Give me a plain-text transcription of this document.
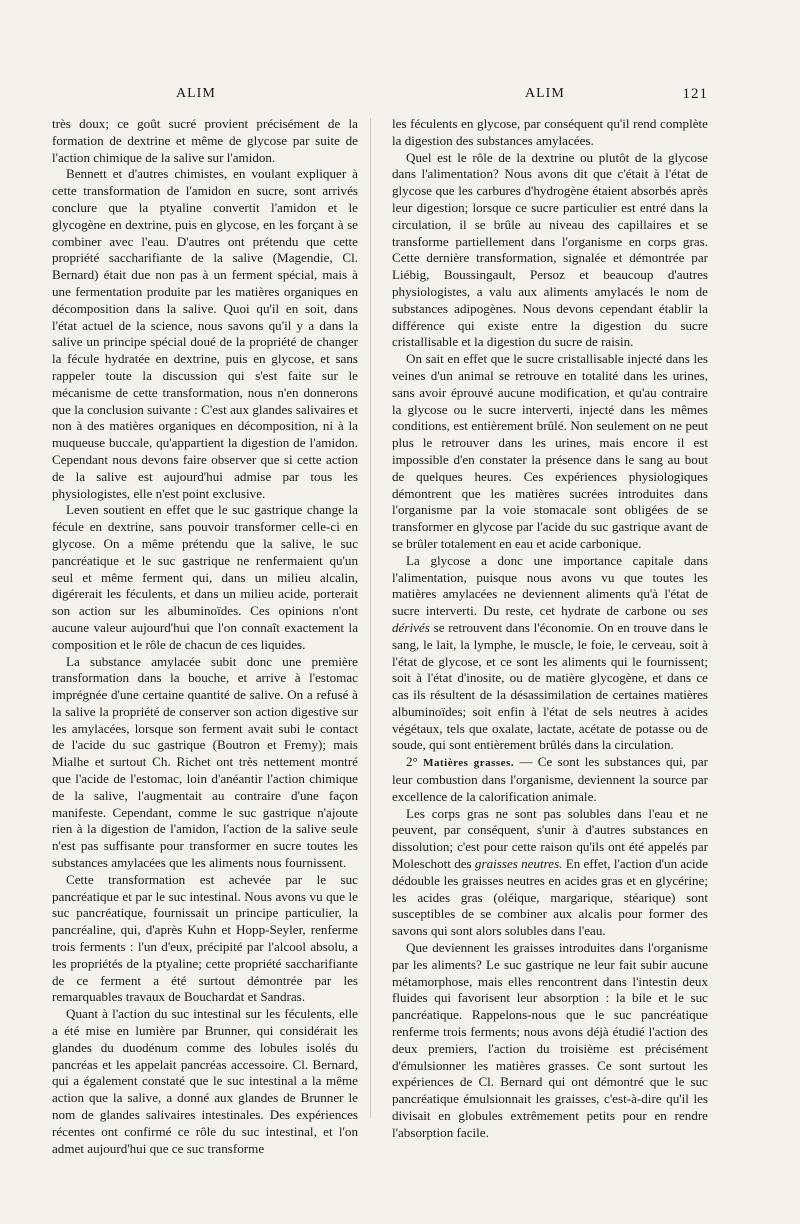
ALIM	ALIM	121

très doux; ce goût sucré provient précisément de la formation de dextrine et même de glycose par suite de l'action chimique de la salive sur l'amidon.

Bennett et d'autres chimistes, en voulant expliquer à cette transformation de l'amidon en sucre, sont arrivés conclure que la ptyaline convertit l'amidon et le glycogène en dextrine, puis en glycose, en les forçant à se combiner avec l'eau. D'autres ont prétendu que cette propriété saccharifiante de la salive (Magendie, Cl. Bernard) était due non pas à un ferment spécial, mais à une fermentation produite par les matières organiques en décomposition dans la salive. Quoi qu'il en soit, dans l'état actuel de la science, nous savons qu'il y a dans la salive un principe spécial doué de la propriété de changer la fécule hydratée en dextrine, puis en glycose, et sans rappeler toute la discussion qui s'est faite sur le mécanisme de cette transformation, nous n'en donnerons que la conclusion suivante : C'est aux glandes salivaires et non à des matières organiques en décomposition, ni à la muqueuse buccale, qu'appartient la digestion de l'amidon. Cependant nous devons faire observer que si cette action de la salive est aujourd'hui admise par tous les physiologistes, elle n'est point exclusive.

Leven soutient en effet que le suc gastrique change la fécule en dextrine, sans pouvoir transformer celle-ci en glycose. On a même prétendu que la salive, le suc pancréatique et le suc gastrique ne renfermaient qu'un seul et même ferment qui, dans un milieu alcalin, digérerait les féculents, et dans un milieu acide, porterait son action sur les albuminoïdes. Ces opinions n'ont aucune valeur aujourd'hui que l'on connaît exactement la composition et le rôle de chacun de ces liquides.

La substance amylacée subit donc une première transformation dans la bouche, et arrive à l'estomac imprégnée d'une certaine quantité de salive. On a refusé à la salive la propriété de conserver son action digestive sur les amylacées, lorsque son ferment avait subi le contact de l'acide du suc gastrique (Boutron et Fremy); mais Mialhe et surtout Ch. Richet ont très nettement montré que l'acide de l'estomac, loin d'anéantir l'action chimique de la salive, l'augmentait au contraire d'une façon manifeste. Cependant, comme le suc gastrique n'ajoute rien à la digestion de l'amidon, l'action de la salive seule n'est pas suffisante pour transformer en sucre toutes les substances amylacées que les aliments nous fournissent.

Cette transformation est achevée par le suc pancréatique et par le suc intestinal. Nous avons vu que le suc pancréatique, fournissait un principe particulier, la pancréaline, qui, d'après Kuhn et Hopp-Seyler, renferme trois ferments : l'un d'eux, précipité par l'alcool absolu, a les propriétés de la ptyaline; cette propriété saccharifiante de ce ferment a été surtout démontrée par les remarquables travaux de Bouchardat et Sandras.

Quant à l'action du suc intestinal sur les féculents, elle a été mise en lumière par Brunner, qui considérait les glandes du duodénum comme des lobules isolés du pancréas et les appelait pancréas accessoire. Cl. Bernard, qui a également constaté que le suc intestinal a la même action que la salive, a donné aux glandes de Brunner le nom de glandes salivaires intestinales. Des expériences récentes ont confirmé ce rôle du suc intestinal, et l'on admet aujourd'hui que ce suc transforme

les féculents en glycose, par conséquent qu'il rend complète la digestion des substances amylacées.

Quel est le rôle de la dextrine ou plutôt de la glycose dans l'alimentation? Nous avons dit que c'était à l'état de glycose que les carbures d'hydrogène étaient absorbés après leur digestion; lorsque ce sucre particulier est entré dans la circulation, il se brûle au niveau des capillaires et se transforme partiellement dans l'organisme en corps gras. Cette dernière transformation, signalée et démontrée par Liébig, Boussingault, Persoz et beaucoup d'autres physiologistes, a valu aux aliments amylacés le nom de substances adipogènes. Nous devons cependant établir la différence qui existe entre la digestion du sucre cristallisable et la digestion du sucre de raisin.

On sait en effet que le sucre cristallisable injecté dans les veines d'un animal se retrouve en totalité dans les urines, sans avoir éprouvé aucune modification, et qu'au contraire la glycose ou le sucre interverti, injecté dans les mêmes conditions, est entièrement brûlé. Non seulement on ne peut plus le retrouver dans les urines, mais encore il est impossible d'en constater la présence dans le sang au bout de quelques heures. Ces expériences physiologiques démontrent que les matières sucrées introduites dans l'organisme par la voie stomacale sont obligées de se transformer en glycose par l'acide du suc gastrique avant de se brûler totalement en eau et acide carbonique.

La glycose a donc une importance capitale dans l'alimentation, puisque nous avons vu que toutes les matières amylacées ne deviennent aliments qu'à l'état de sucre interverti. Du reste, cet hydrate de carbone ou ses dérivés se retrouvent dans l'économie. On en trouve dans le sang, le lait, la lymphe, le muscle, le foie, le cerveau, soit à l'état de glycose, et ce sont les aliments qui le fournissent; soit à l'état d'inosite, ou de matière glycogène, et dans ce cas ils résultent de la désassimilation de certaines matières albuminoïdes; soit enfin à l'état de sels neutres à acides végétaux, tels que oxalate, lactate, acétate de potasse ou de soude, qui sont entièrement brûlés dans la circulation.

2° Matières grasses. — Ce sont les substances qui, par leur combustion dans l'organisme, deviennent la source par excellence de la calorification animale.

Les corps gras ne sont pas solubles dans l'eau et ne peuvent, par conséquent, s'unir à d'autres substances en dissolution; c'est pour cette raison qu'ils ont été appelés par Moleschott des graisses neutres. En effet, l'action d'un acide dédouble les graisses neutres en acides gras et en glycérine; les acides gras (oléique, margarique, stéarique) sont susceptibles de se combiner aux alcalis pour former des savons qui sont alors solubles dans l'eau.

Que deviennent les graisses introduites dans l'organisme par les aliments? Le suc gastrique ne leur fait subir aucune métamorphose, mais elles rencontrent dans l'intestin deux fluides qui favorisent leur absorption : la bile et le suc pancréatique. Rappelons-nous que le suc pancréatique renferme trois ferments; nous avons déjà étudié l'action des deux premiers, l'action du troisième est précisément d'émulsionner les matières grasses. Ce sont surtout les expériences de Cl. Bernard qui ont démontré que le suc pancréatique émulsionnait les graisses, c'est-à-dire qu'il les divisait en globules extrêmement petits pour en rendre l'absorption facile.
